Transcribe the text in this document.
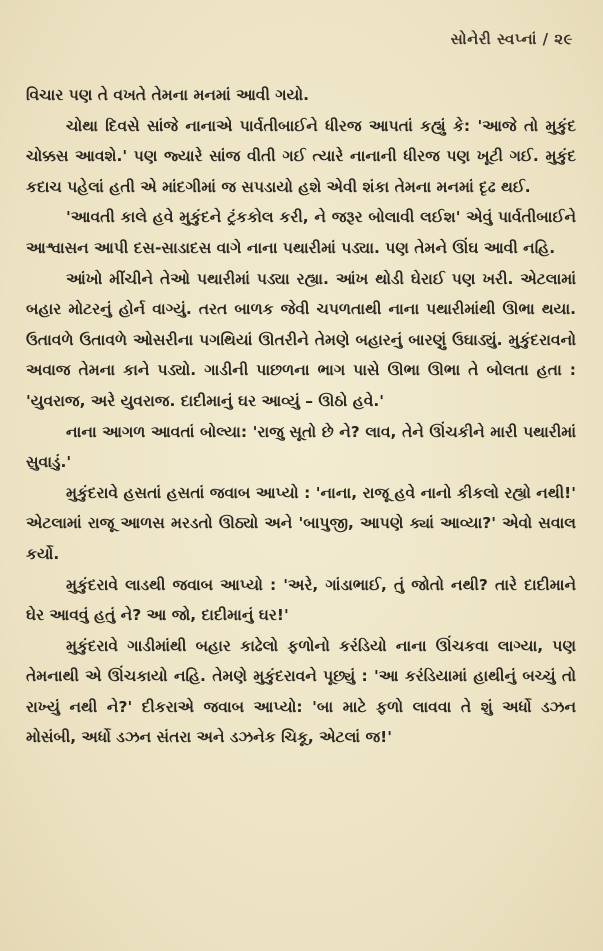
સોનેરી સ્વપ્નાં / ૨૯

વિચાર પણ તે વખતે તેમના મનમાં આવી ગયો.

ચોથા દિવસે સાંજે નાનાએ પાર્વતીબાઈને ધીરજ આપતાં કહ્યું કે: 'આજે તો મુકુંદ ચોક્કસ આવશે.' પણ જ્યારે સાંજ વીતી ગઈ ત્યારે નાનાની ધીરજ પણ ખૂટી ગઈ. મુકુંદ કદાચ પહેલાં હતી એ માંદગીમાં જ સપડાયો હશે એવી શંકા તેમના મનમાં દૃઢ થઈ.

'આવતી કાલે હવે મુકુંદને ટ્રંકકોલ કરી, ને જરૂર બોલાવી લઈશ' એવું પાર્વતીબાઈને આશ્વાસન આપી દસ-સાડાદસ વાગે નાના પથારીમાં પડ્યા. પણ તેમને ઊંઘ આવી નહિ.

આંખો મીંચીને તેઓ પથારીમાં પડ્યા રહ્યા. આંખ થોડી ઘેરાઈ પણ ખરી. એટલામાં બહાર મોટરનું હોર્ન વાગ્યું. તરત બાળક જેવી ચપળતાથી નાના પથારીમાંથી ઊભા થયા. ઉતાવળે ઉતાવળે ઓસરીના પગથિયાં ઊતરીને તેમણે બહારનું બારણું ઉઘાડ્યું. મુકુંદરાવનો અવાજ તેમના કાને પડ્યો. ગાડીની પાછળના ભાગ પાસે ઊભા ઊભા તે બોલતા હતા : 'યુવરાજ, અરે યુવરાજ. દાદીમાનું ઘર આવ્યું – ઊઠો હવે.'

નાના આગળ આવતાં બોલ્યા: 'રાજુ સૂતો છે ને? લાવ, તેને ઊંચકીને મારી પથારીમાં સુવાડું.'

મુકુંદરાવે હસતાં હસતાં જવાબ આપ્યો : 'નાના, રાજૂ હવે નાનો કીકલો રહ્યો નથી!' એટલામાં રાજૂ આળસ મરડતો ઊઠ્યો અને 'બાપુજી, આપણે ક્યાં આવ્યા?' એવો સવાલ કર્યો.

મુકુંદરાવે લાડથી જવાબ આપ્યો : 'અરે, ગાંડાભાઈ, તું જોતો નથી? તારે દાદીમાને ઘેર આવવું હતું ને? આ જો, દાદીમાનું ઘર!'

મુકુંદરાવે ગાડીમાંથી બહાર કાઢેલો ફળોનો કરંડિયો નાના ઊંચકવા લાગ્યા, પણ તેમનાથી એ ઊંચકાયો નહિ. તેમણે મુકુંદરાવને પૂછ્યું : 'આ કરંડિયામાં હાથીનું બચ્ચું તો રાખ્યું નથી ને?' દીકરાએ જવાબ આપ્યો: 'બા માટે ફળો લાવવા તે શું અર્ધો ડઝન મોસંબી, અર્ધો ડઝન સંતરા અને ડઝનેક ચિકૂ, એટલાં જ!'
